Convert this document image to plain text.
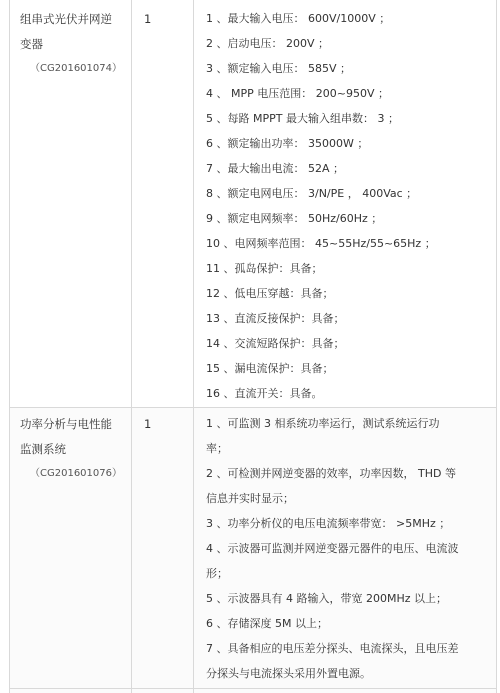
组串式光伏并网逆
变器
（CG201601074）
1	1 、最大输入电压： 600V/1000V ；
2 、启动电压： 200V ；
3 、额定输入电压： 585V ；
4 、 MPP 电压范围： 200~950V ；
5 、每路 MPPT 最大输入组串数： 3 ；
6 、额定输出功率： 35000W ；
7 、最大输出电流： 52A ；
8 、额定电网电压： 3/N/PE ， 400Vac ；
9 、额定电网频率： 50Hz/60Hz ；
10 、电网频率范围： 45~55Hz/55~65Hz ；
11 、孤岛保护：具备；
12 、低电压穿越：具备；
13 、直流反接保护：具备；
14 、交流短路保护：具备；
15 、漏电流保护：具备；
16 、直流开关：具备。
功率分析与电性能
监测系统
（CG201601076）
1	1 、可监测 3 相系统功率运行，测试系统运行功
率；
2 、可检测并网逆变器的效率，功率因数， THD 等
信息并实时显示；
3 、功率分析仪的电压电流频率带宽： >5MHz ；
4 、示波器可监测并网逆变器元器件的电压、电流波
形；
5 、示波器具有 4 路输入，带宽 200MHz 以上；
6 、存储深度 5M 以上；
7 、具备相应的电压差分探头、电流探头，且电压差
分探头与电流探头采用外置电源。
